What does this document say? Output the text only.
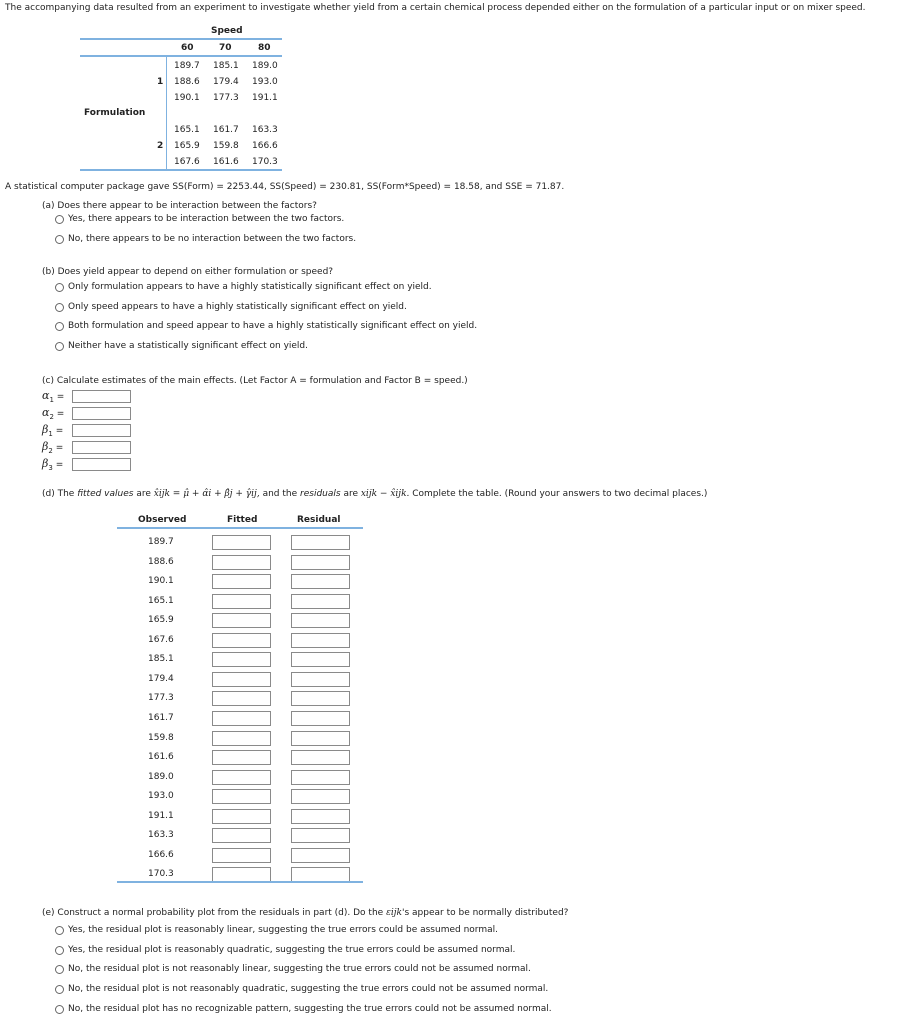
The accompanying data resulted from an experiment to investigate whether yield from a certain chemical process depended either on the formulation of a particular input or on mixer speed.
Speed
60	70	80
Formulation
1
189.7 185.1 189.0
188.6 179.4 193.0
190.1 177.3 191.1
2
165.1 161.7 163.3
165.9 159.8 166.6
167.6 161.6 170.3
A statistical computer package gave SS(Form) = 2253.44, SS(Speed) = 230.81, SS(Form*Speed) = 18.58, and SSE = 71.87.
(a) Does there appear to be interaction between the factors?
Yes, there appears to be interaction between the two factors.
No, there appears to be no interaction between the two factors.
(b) Does yield appear to depend on either formulation or speed?
Only formulation appears to have a highly statistically significant effect on yield.
Only speed appears to have a highly statistically significant effect on yield.
Both formulation and speed appear to have a highly statistically significant effect on yield.
Neither have a statistically significant effect on yield.
(c) Calculate estimates of the main effects. (Let Factor A = formulation and Factor B = speed.)
$\alpha_1$ =
$\alpha_2$ =
$\beta_1$ =
$\beta_2$ =
$\beta_3$ =
(d) The fitted values are x̂ijk = μ̂ + α̂i + β̂j + γ̂ij, and the residuals are xijk − x̂ijk. Complete the table. (Round your answers to two decimal places.)
Observed	Fitted	Residual
189.7
188.6
190.1
165.1
165.9
167.6
185.1
179.4
177.3
161.7
159.8
161.6
189.0
193.0
191.1
163.3
166.6
170.3
(e) Construct a normal probability plot from the residuals in part (d). Do the εijk's appear to be normally distributed?
Yes, the residual plot is reasonably linear, suggesting the true errors could be assumed normal.
Yes, the residual plot is reasonably quadratic, suggesting the true errors could be assumed normal.
No, the residual plot is not reasonably linear, suggesting the true errors could not be assumed normal.
No, the residual plot is not reasonably quadratic, suggesting the true errors could not be assumed normal.
No, the residual plot has no recognizable pattern, suggesting the true errors could not be assumed normal.
